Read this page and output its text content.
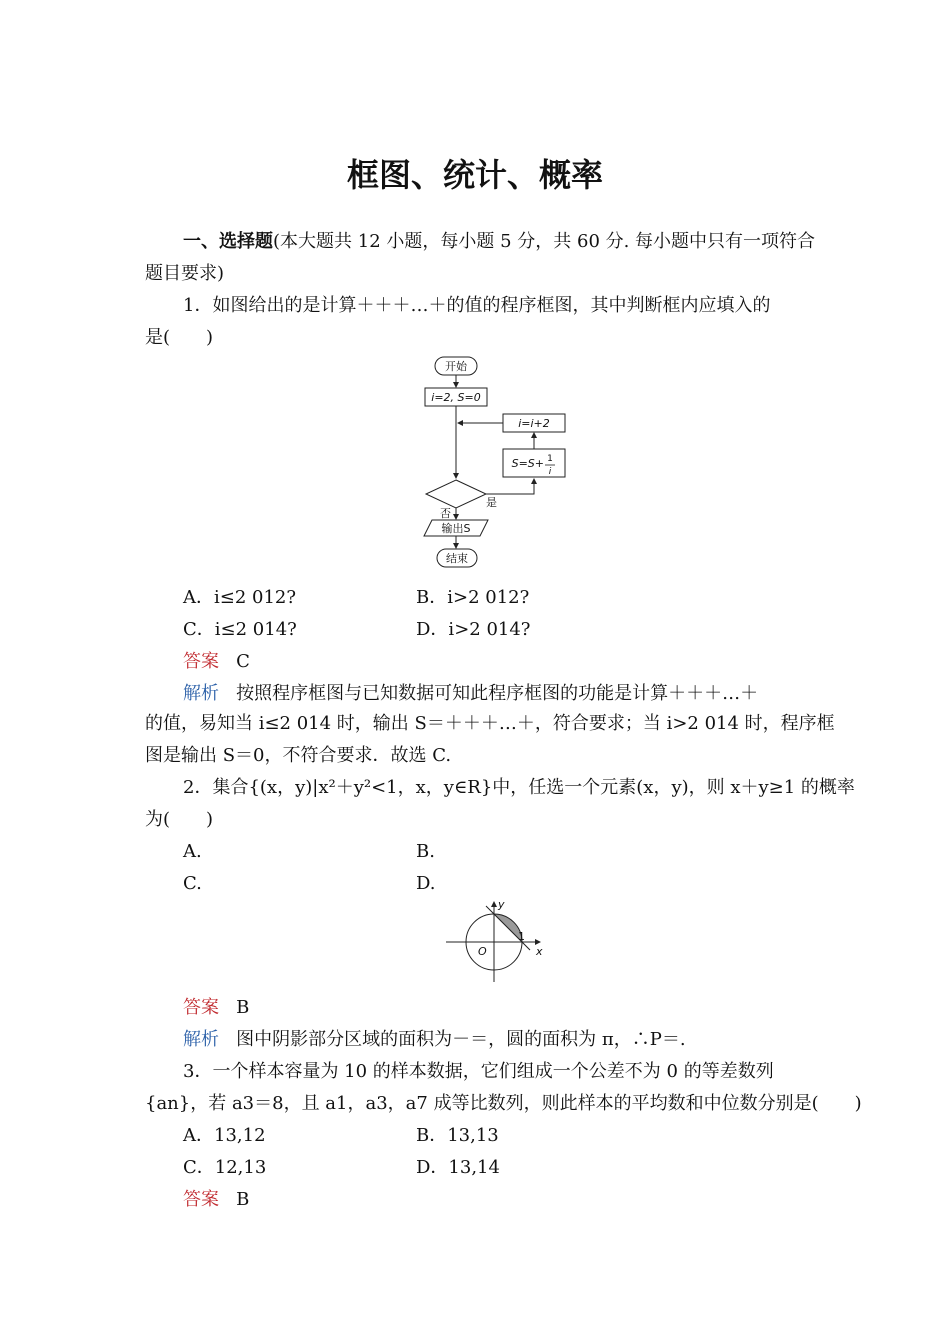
框图、统计、概率
一、选择题(本大题共 12 小题，每小题 5 分，共 60 分. 每小题中只有一项符合
题目要求)
1．如图给出的是计算＋＋＋…＋的值的程序框图，其中判断框内应填入的
是(　　)
开始
i=2, S=0
i=i+2
S=S+ 1
i
是
否
输出S
结束
A．i≤2 012?	B．i>2 012?
C．i≤2 014?	D．i>2 014?
答案 C
解析 按照程序框图与已知数据可知此程序框图的功能是计算＋＋＋…＋
的值，易知当 i≤2 014 时，输出 S＝＋＋＋…＋，符合要求；当 i>2 014 时，程序框
图是输出 S＝0，不符合要求．故选 C.
2．集合{(x，y)|x²＋y²<1，x，y∈R}中，任选一个元素(x，y)，则 x＋y≥1 的概率
为(　　)
A.	B.
C.	D.
y
x
O
1
答案 B
解析 图中阴影部分区域的面积为－＝，圆的面积为 π，∴P＝.
3．一个样本容量为 10 的样本数据，它们组成一个公差不为 0 的等差数列
{an}，若 a3＝8，且 a1，a3，a7 成等比数列，则此样本的平均数和中位数分别是(　　)
A．13,12	B．13,13
C．12,13	D．13,14
答案 B
